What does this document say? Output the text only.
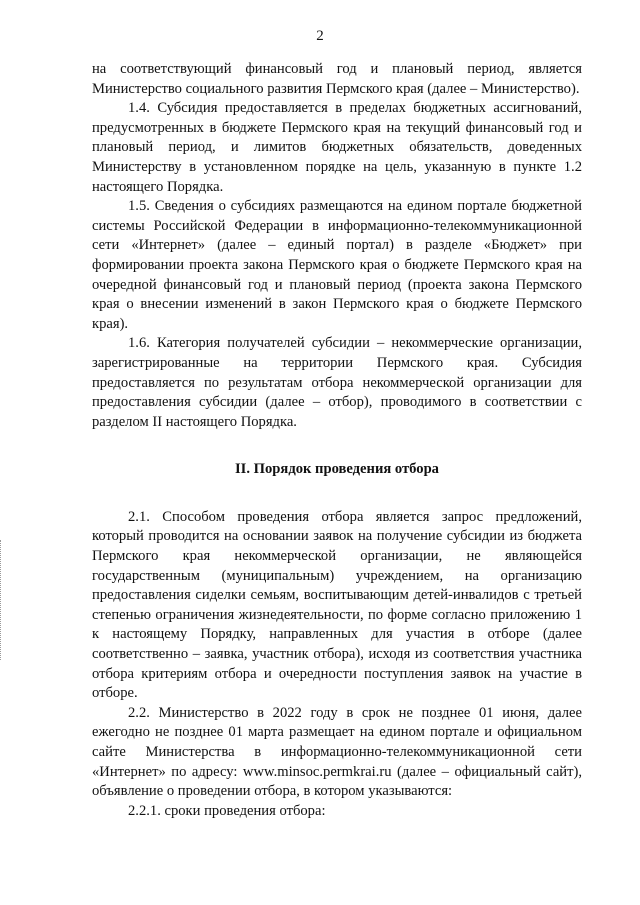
2

на соответствующий финансовый год и плановый период, является Министерство социального развития Пермского края (далее – Министерство).

1.4. Субсидия предоставляется в пределах бюджетных ассигнований, предусмотренных в бюджете Пермского края на текущий финансовый год и плановый период, и лимитов бюджетных обязательств, доведенных Министерству в установленном порядке на цель, указанную в пункте 1.2 настоящего Порядка.

1.5. Сведения о субсидиях размещаются на едином портале бюджетной системы Российской Федерации в информационно-телекоммуникационной сети «Интернет» (далее – единый портал) в разделе «Бюджет» при формировании проекта закона Пермского края о бюджете Пермского края на очередной финансовый год и плановый период (проекта закона Пермского края о внесении изменений в закон Пермского края о бюджете Пермского края).

1.6. Категория получателей субсидии – некоммерческие организации, зарегистрированные на территории Пермского края. Субсидия предоставляется по результатам отбора некоммерческой организации для предоставления субсидии (далее – отбор), проводимого в соответствии с разделом II настоящего Порядка.

II. Порядок проведения отбора

2.1. Способом проведения отбора является запрос предложений, который проводится на основании заявок на получение субсидии из бюджета Пермского края некоммерческой организации, не являющейся государственным (муниципальным) учреждением, на организацию предоставления сиделки семьям, воспитывающим детей-инвалидов с третьей степенью ограничения жизнедеятельности, по форме согласно приложению 1 к настоящему Порядку, направленных для участия в отборе (далее соответственно – заявка, участник отбора), исходя из соответствия участника отбора критериям отбора и очередности поступления заявок на участие в отборе.

2.2. Министерство в 2022 году в срок не позднее 01 июня, далее ежегодно не позднее 01 марта размещает на едином портале и официальном сайте Министерства в информационно-телекоммуникационной сети «Интернет» по адресу: www.minsoc.permkrai.ru (далее – официальный сайт), объявление о проведении отбора, в котором указываются:

2.2.1. сроки проведения отбора:
